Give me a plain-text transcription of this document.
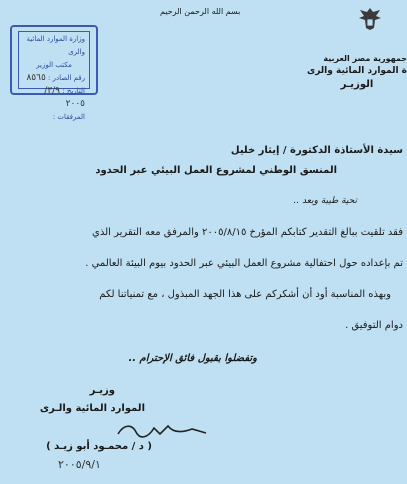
بسم الله الرحمن الرحيم
جمهورية مصر العربية
ة الموارد المائية والرى
الوزيـر
وزارة الموارد المائية والرى
مكتب الوزير
رقم الصادر : ٨٥٦٥
التاريخ : ٣/٩/ ٢٠٠٥
المرفقات :
سيدة الأستاذة الدكتورة / إيثار خليل
المنسق الوطني لمشروع العمل البيئي عبر الحدود
تحية طيبة وبعد ..
فقد تلقيت ببالغ التقدير كتابكم المؤرخ ٢٠٠٥/٨/١٥ والمرفق معه التقرير الذي
تم بإعداده حول احتفالية مشروع العمل البيئي عبر الحدود بيوم البيئة العالمي .
وبهذه المناسبة أود أن أشكركم على هذا الجهد المبذول ، مع تمنياتنا لكم
دوام التوفيق .
وتفضلوا بقبول فائق الإحترام ..
وزيـر
الموارد المائية والـرى
( د / محمـود أبو زيـد )
٢٠٠٥/٩/١
